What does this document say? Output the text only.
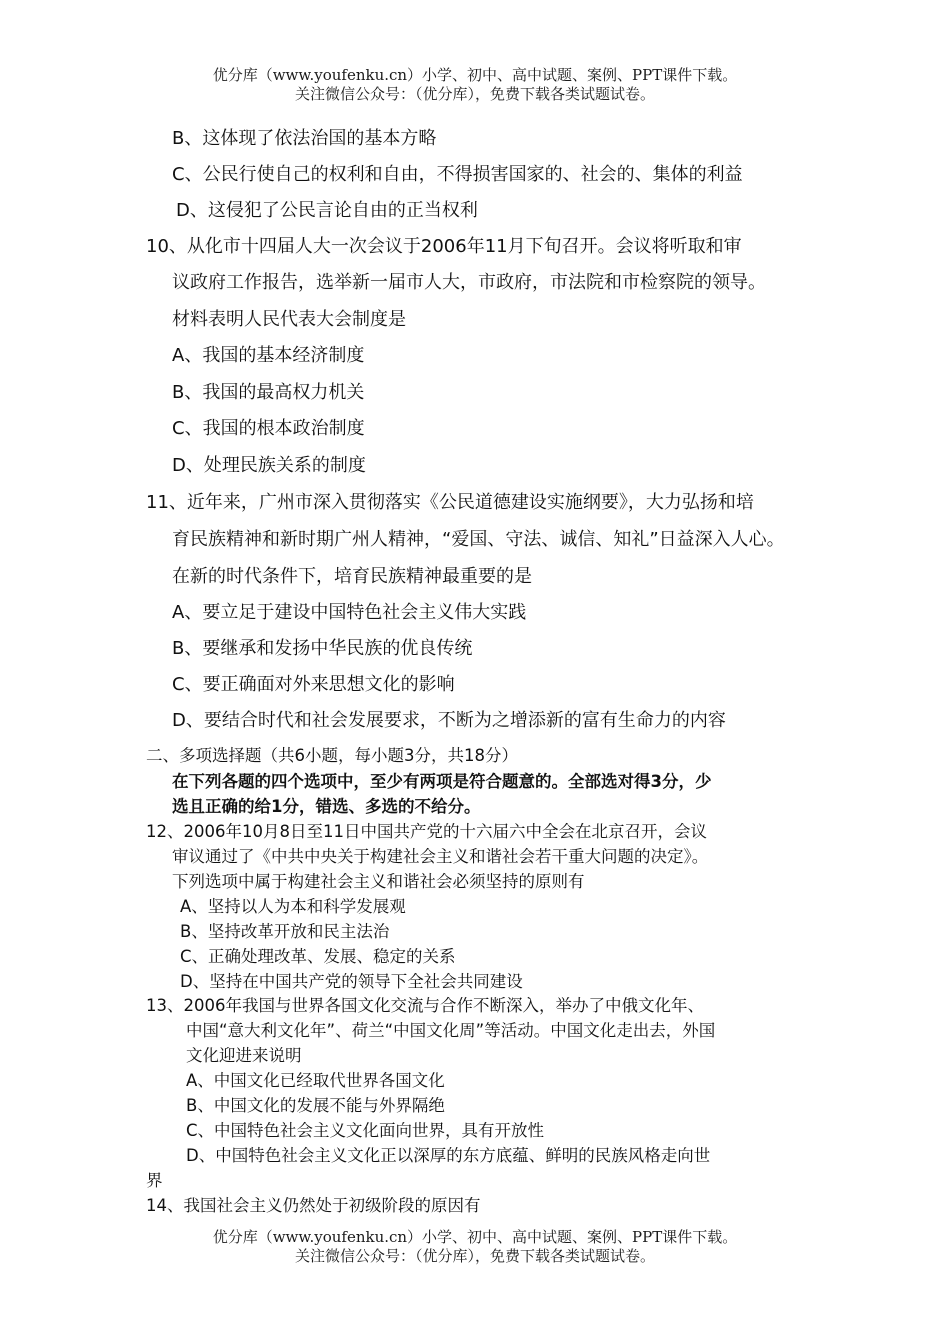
优分库（www.youfenku.cn）小学、初中、高中试题、案例、PPT课件下载。
关注微信公众号：（优分库），免费下载各类试题试卷。
B、这体现了依法治国的基本方略
C、公民行使自己的权利和自由，不得损害国家的、社会的、集体的利益
D、这侵犯了公民言论自由的正当权利
10、从化市十四届人大一次会议于2006年11月下旬召开。会议将听取和审
议政府工作报告，选举新一届市人大，市政府，市法院和市检察院的领导。
材料表明人民代表大会制度是
A、我国的基本经济制度
B、我国的最高权力机关
C、我国的根本政治制度
D、处理民族关系的制度
11、近年来，广州市深入贯彻落实《公民道德建设实施纲要》，大力弘扬和培
育民族精神和新时期广州人精神，“爱国、守法、诚信、知礼”日益深入人心。
在新的时代条件下，培育民族精神最重要的是
A、要立足于建设中国特色社会主义伟大实践
B、要继承和发扬中华民族的优良传统
C、要正确面对外来思想文化的影响
D、要结合时代和社会发展要求，不断为之增添新的富有生命力的内容
二、多项选择题（共6小题，每小题3分，共18分）
在下列各题的四个选项中，至少有两项是符合题意的。全部选对得3分，少
选且正确的给1分，错选、多选的不给分。
12、2006年10月8日至11日中国共产党的十六届六中全会在北京召开，会议
审议通过了《中共中央关于构建社会主义和谐社会若干重大问题的决定》。
下列选项中属于构建社会主义和谐社会必须坚持的原则有
A、坚持以人为本和科学发展观
B、坚持改革开放和民主法治
C、正确处理改革、发展、稳定的关系
D、坚持在中国共产党的领导下全社会共同建设
13、2006年我国与世界各国文化交流与合作不断深入，举办了中俄文化年、
中国“意大利文化年”、荷兰“中国文化周”等活动。中国文化走出去，外国
文化迎进来说明
A、中国文化已经取代世界各国文化
B、中国文化的发展不能与外界隔绝
C、中国特色社会主义文化面向世界，具有开放性
D、中国特色社会主义文化正以深厚的东方底蕴、鲜明的民族风格走向世
界
14、我国社会主义仍然处于初级阶段的原因有
优分库（www.youfenku.cn）小学、初中、高中试题、案例、PPT课件下载。
关注微信公众号：（优分库），免费下载各类试题试卷。
